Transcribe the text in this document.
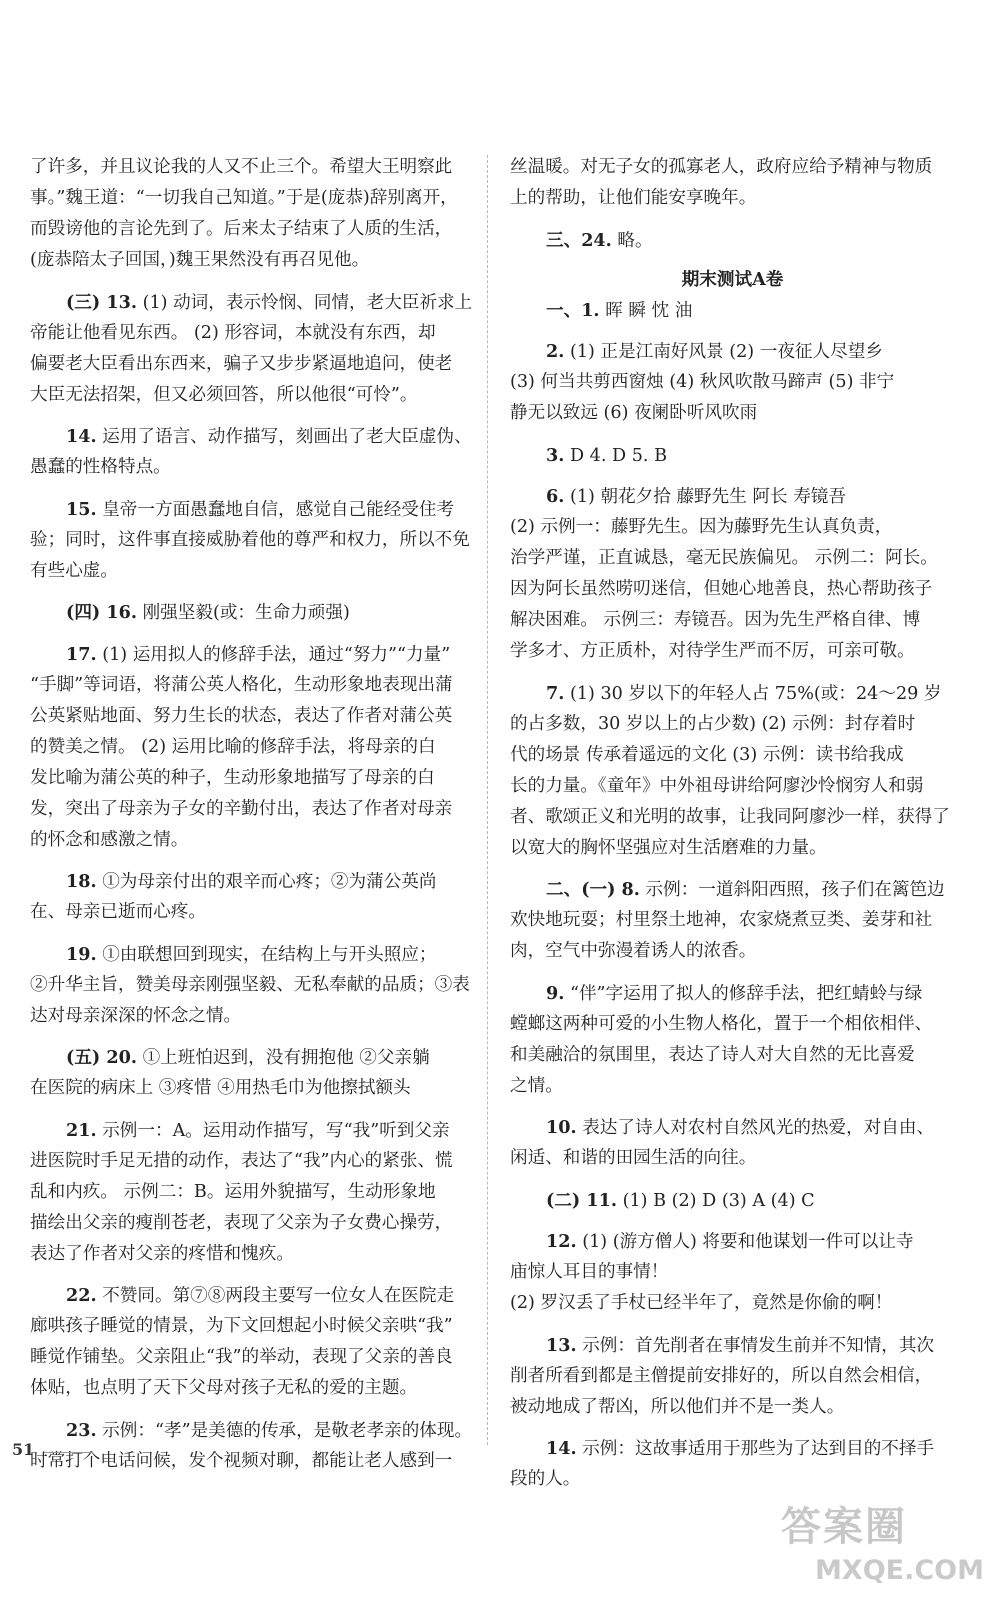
了许多，并且议论我的人又不止三个。希望大王明察此
事。”魏王道：“一切我自己知道。”于是(庞恭)辞别离开，
而毁谤他的言论先到了。后来太子结束了人质的生活，
(庞恭陪太子回国，)魏王果然没有再召见他。
(三) 13. (1) 动词，表示怜悯、同情，老大臣祈求上
帝能让他看见东西。 (2) 形容词，本就没有东西，却
偏要老大臣看出东西来，骗子又步步紧逼地追问，使老
大臣无法招架，但又必须回答，所以他很“可怜”。
14. 运用了语言、动作描写，刻画出了老大臣虚伪、
愚蠢的性格特点。
15. 皇帝一方面愚蠢地自信，感觉自己能经受住考
验；同时，这件事直接威胁着他的尊严和权力，所以不免
有些心虚。
(四) 16. 刚强坚毅(或：生命力顽强)
17. (1) 运用拟人的修辞手法，通过“努力”“力量”
“手脚”等词语，将蒲公英人格化，生动形象地表现出蒲
公英紧贴地面、努力生长的状态，表达了作者对蒲公英
的赞美之情。 (2) 运用比喻的修辞手法，将母亲的白
发比喻为蒲公英的种子，生动形象地描写了母亲的白
发，突出了母亲为子女的辛勤付出，表达了作者对母亲
的怀念和感激之情。
18. ①为母亲付出的艰辛而心疼；②为蒲公英尚
在、母亲已逝而心疼。
19. ①由联想回到现实，在结构上与开头照应；
②升华主旨，赞美母亲刚强坚毅、无私奉献的品质；③表
达对母亲深深的怀念之情。
(五) 20. ①上班怕迟到，没有拥抱他 ②父亲躺
在医院的病床上 ③疼惜 ④用热毛巾为他擦拭额头
21. 示例一：A。运用动作描写，写“我”听到父亲
进医院时手足无措的动作，表达了“我”内心的紧张、慌
乱和内疚。 示例二：B。运用外貌描写，生动形象地
描绘出父亲的瘦削苍老，表现了父亲为子女费心操劳，
表达了作者对父亲的疼惜和愧疚。
22. 不赞同。第⑦⑧两段主要写一位女人在医院走
廊哄孩子睡觉的情景，为下文回想起小时候父亲哄“我”
睡觉作铺垫。父亲阻止“我”的举动，表现了父亲的善良
体贴，也点明了天下父母对孩子无私的爱的主题。
23. 示例：“孝”是美德的传承，是敬老孝亲的体现。
时常打个电话问候，发个视频对聊，都能让老人感到一
丝温暖。对无子女的孤寡老人，政府应给予精神与物质
上的帮助，让他们能安享晚年。
三、24. 略。
期末测试A卷
一、1. 晖 瞬 忱 油
2. (1) 正是江南好风景 (2) 一夜征人尽望乡
(3) 何当共剪西窗烛 (4) 秋风吹散马蹄声 (5) 非宁
静无以致远 (6) 夜阑卧听风吹雨
3. D 4. D 5. B
6. (1) 朝花夕拾 藤野先生 阿长 寿镜吾
(2) 示例一：藤野先生。因为藤野先生认真负责，
治学严谨，正直诚恳，毫无民族偏见。 示例二：阿长。
因为阿长虽然唠叨迷信，但她心地善良，热心帮助孩子
解决困难。 示例三：寿镜吾。因为先生严格自律、博
学多才、方正质朴，对待学生严而不厉，可亲可敬。
7. (1) 30 岁以下的年轻人占 75%(或：24～29 岁
的占多数，30 岁以上的占少数) (2) 示例：封存着时
代的场景 传承着遥远的文化 (3) 示例：读书给我成
长的力量。《童年》中外祖母讲给阿廖沙怜悯穷人和弱
者、歌颂正义和光明的故事，让我同阿廖沙一样，获得了
以宽大的胸怀坚强应对生活磨难的力量。
二、(一) 8. 示例：一道斜阳西照，孩子们在篱笆边
欢快地玩耍；村里祭土地神，农家烧煮豆类、姜芽和社
肉，空气中弥漫着诱人的浓香。
9. “伴”字运用了拟人的修辞手法，把红蜻蛉与绿
螳螂这两种可爱的小生物人格化，置于一个相依相伴、
和美融洽的氛围里，表达了诗人对大自然的无比喜爱
之情。
10. 表达了诗人对农村自然风光的热爱，对自由、
闲适、和谐的田园生活的向往。
(二) 11. (1) B (2) D (3) A (4) C
12. (1) (游方僧人) 将要和他谋划一件可以让寺
庙惊人耳目的事情！
(2) 罗汉丢了手杖已经半年了，竟然是你偷的啊！
13. 示例：首先削者在事情发生前并不知情，其次
削者所看到都是主僧提前安排好的，所以自然会相信，
被动地成了帮凶，所以他们并不是一类人。
14. 示例：这故事适用于那些为了达到目的不择手
段的人。
51
答案圈
MXQE.COM
